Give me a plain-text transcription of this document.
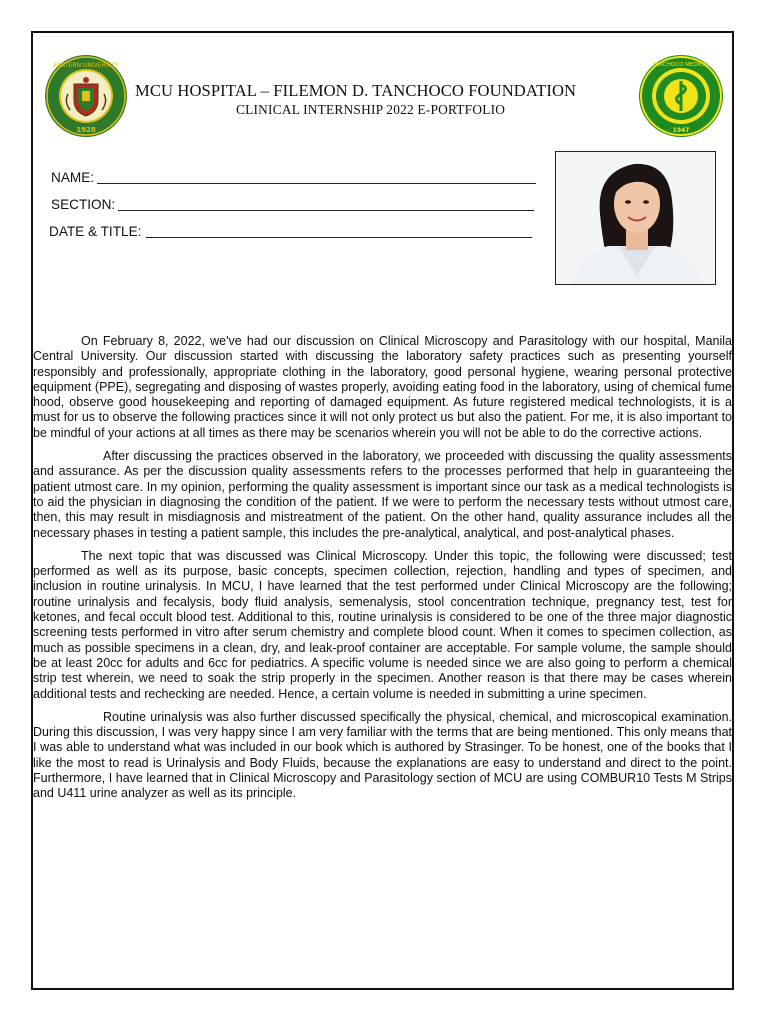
EASTERN UNIVERSITY
1928
MCU HOSPITAL – FILEMON D. TANCHOCO FOUNDATION
CLINICAL INTERNSHIP 2022 E-PORTFOLIO
TANCHOCO MEDICAL
1947
NAME:
SECTION:
DATE & TITLE:

On February 8, 2022, we've had our discussion on Clinical Microscopy and Parasitology with our hospital, Manila Central University. Our discussion started with discussing the laboratory safety practices such as presenting yourself responsibly and professionally, appropriate clothing in the laboratory, good personal hygiene, wearing personal protective equipment (PPE), segregating and disposing of wastes properly, avoiding eating food in the laboratory, using of chemical fume hood, observe good housekeeping and reporting of damaged equipment. As future registered medical technologists, it is a must for us to observe the following practices since it will not only protect us but also the patient. For me, it is also important to be mindful of your actions at all times as there may be scenarios wherein you will not be able to do the corrective actions.

After discussing the practices observed in the laboratory, we proceeded with discussing the quality assessments and assurance. As per the discussion quality assessments refers to the processes performed that help in guaranteeing the patient utmost care. In my opinion, performing the quality assessment is important since our task as a medical technologists is to aid the physician in diagnosing the condition of the patient. If we were to perform the necessary tests without utmost care, then, this may result in misdiagnosis and mistreatment of the patient. On the other hand, quality assurance includes all the necessary phases in testing a patient sample, this includes the pre-analytical, analytical, and post-analytical phases.

The next topic that was discussed was Clinical Microscopy. Under this topic, the following were discussed; test performed as well as its purpose, basic concepts, specimen collection, rejection, handling and types of specimen, and inclusion in routine urinalysis. In MCU, I have learned that the test performed under Clinical Microscopy are the following; routine urinalysis and fecalysis, body fluid analysis, semenalysis, stool concentration technique, pregnancy test, test for ketones, and fecal occult blood test. Additional to this, routine urinalysis is considered to be one of the three major diagnostic screening tests performed in vitro after serum chemistry and complete blood count. When it comes to specimen collection, as much as possible specimens in a clean, dry, and leak-proof container are acceptable. For sample volume, the sample should be at least 20cc for adults and 6cc for pediatrics. A specific volume is needed since we are also going to perform a chemical strip test wherein, we need to soak the strip properly in the specimen. Another reason is that there may be cases wherein additional tests and rechecking are needed. Hence, a certain volume is needed in submitting a urine specimen.

Routine urinalysis was also further discussed specifically the physical, chemical, and microscopical examination. During this discussion, I was very happy since I am very familiar with the terms that are being mentioned. This only means that I was able to understand what was included in our book which is authored by Strasinger. To be honest, one of the books that I like the most to read is Urinalysis and Body Fluids, because the explanations are easy to understand and direct to the point. Furthermore, I have learned that in Clinical Microscopy and Parasitology section of MCU are using COMBUR10 Tests M Strips and U411 urine analyzer as well as its principle.
